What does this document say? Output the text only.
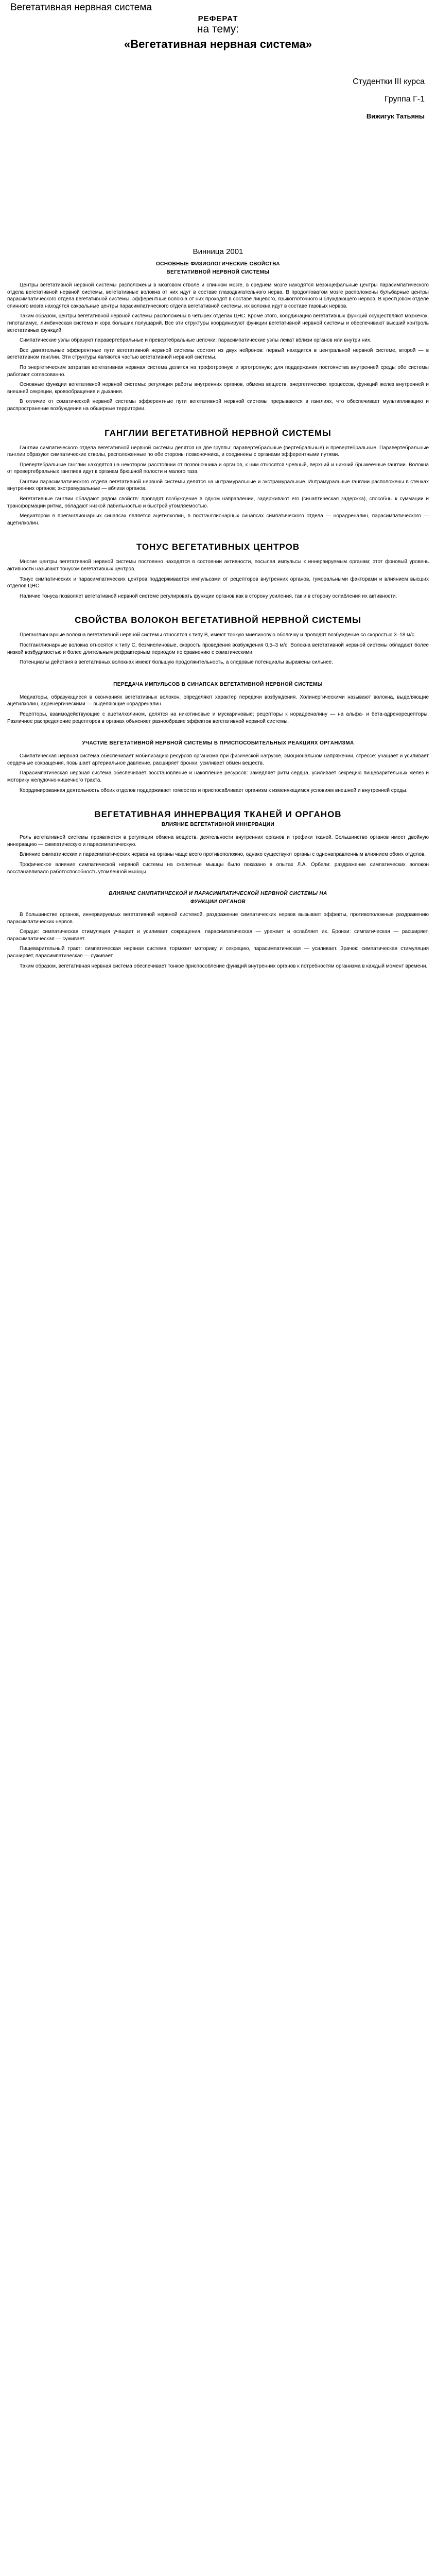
Вегетативная нервная система
РЕФЕРАТ
на тему:
«Вегетативная нервная система»
Студентки III курса
Группа Г-1
Вижигук Татьяны
Винница 2001
ОСНОВНЫЕ ФИЗИОЛОГИЧЕСКИЕ СВОЙСТВА
ВЕГЕТАТИВНОЙ НЕРВНОЙ СИСТЕМЫ

Центры вегетативной нервной системы расположены в мозговом стволе и спинном мозге, в среднем мозге находятся мезэнцефальные центры парасимпатического отдела вегетативной нервной системы, вегетативные волокна от них идут в составе глазодвигательного нерва. В продолговатом мозге расположены бульбарные центры парасимпатического отдела вегетативной системы, эфферентные волокна от них проходят в составе лицевого, языкоглоточного и блуждающего нервов. В крестцовом отделе спинного мозга находятся сакральные центры парасимпатического отдела вегетативной системы, их волокна идут в составе тазовых нервов.

Таким образом, центры вегетативной нервной системы расположены в четырех отделах ЦНС. Кроме этого, координацию вегетативных функций осуществляют мозжечок, гипоталамус, лимбическая система и кора больших полушарий. Все эти структуры координируют функции вегетативной нервной системы и обеспечивают высший контроль вегетативных функций.

Симпатические узлы образуют паравертебральные и превертебральные цепочки; парасимпатические узлы лежат вблизи органов или внутри них.

Все двигательные эфферентные пути вегетативной нервной системы состоят из двух нейронов: первый находится в центральной нервной системе, второй — в вегетативном ганглии. Эти структуры являются частью вегетативной нервной системы.

По энергетическим затратам вегетативная нервная система делится на трофотропную и эрготропную; для поддержания постоянства внутренней среды обе системы работают согласованно.

Основные функции вегетативной нервной системы: регуляция работы внутренних органов, обмена веществ, энергетических процессов, функций желез внутренней и внешней секреции, кровообращения и дыхания.

В отличие от соматической нервной системы эфферентные пути вегетативной нервной системы прерываются в ганглиях, что обеспечивает мультипликацию и распространение возбуждения на обширные территории.

ГАНГЛИИ ВЕГЕТАТИВНОЙ НЕРВНОЙ СИСТЕМЫ

Ганглии симпатического отдела вегетативной нервной системы делятся на две группы: паравертебральные (вертебральные) и превертебральные. Паравертебральные ганглии образуют симпатические стволы, расположенные по обе стороны позвоночника, и соединены с органами эфферентными путями.

Превертебральные ганглии находятся на некотором расстоянии от позвоночника и органов, к ним относятся чревный, верхний и нижний брыжеечные ганглии. Волокна от превертебральных ганглиев идут к органам брюшной полости и малого таза.

Ганглии парасимпатического отдела вегетативной нервной системы делятся на интрамуральные и экстрамуральные. Интрамуральные ганглии расположены в стенках внутренних органов; экстрамуральные — вблизи органов.

Вегетативные ганглии обладают рядом свойств: проводят возбуждение в одном направлении, задерживают его (синаптическая задержка), способны к суммации и трансформации ритма, обладают низкой лабильностью и быстрой утомляемостью.

Медиатором в преганглионарных синапсах является ацетилхолин, в постганглионарных синапсах симпатического отдела — норадреналин, парасимпатического — ацетилхолин.

ТОНУС ВЕГЕТАТИВНЫХ ЦЕНТРОВ

Многие центры вегетативной нервной системы постоянно находятся в состоянии активности, посылая импульсы к иннервируемым органам; этот фоновый уровень активности называют тонусом вегетативных центров.

Тонус симпатических и парасимпатических центров поддерживается импульсами от рецепторов внутренних органов, гуморальными факторами и влиянием высших отделов ЦНС.

Наличие тонуса позволяет вегетативной нервной системе регулировать функции органов как в сторону усиления, так и в сторону ослабления их активности.

СВОЙСТВА ВОЛОКОН ВЕГЕТАТИВНОЙ НЕРВНОЙ СИСТЕМЫ

Преганглионарные волокна вегетативной нервной системы относятся к типу B, имеют тонкую миелиновую оболочку и проводят возбуждение со скоростью 3–18 м/с.

Постганглионарные волокна относятся к типу C, безмиелиновые, скорость проведения возбуждения 0,5–3 м/с. Волокна вегетативной нервной системы обладают более низкой возбудимостью и более длительным рефрактерным периодом по сравнению с соматическими.

Потенциалы действия в вегетативных волокнах имеют большую продолжительность, а следовые потенциалы выражены сильнее.

ПЕРЕДАЧА ИМПУЛЬСОВ В СИНАПСАХ ВЕГЕТАТИВНОЙ НЕРВНОЙ СИСТЕМЫ

Медиаторы, образующиеся в окончаниях вегетативных волокон, определяют характер передачи возбуждения. Холинергическими называют волокна, выделяющие ацетилхолин, адренергическими — выделяющие норадреналин.

Рецепторы, взаимодействующие с ацетилхолином, делятся на никотиновые и мускариновые; рецепторы к норадреналину — на альфа- и бета-адренорецепторы. Различное распределение рецепторов в органах объясняет разнообразие эффектов вегетативной нервной системы.

УЧАСТИЕ ВЕГЕТАТИВНОЙ НЕРВНОЙ СИСТЕМЫ В ПРИСПОСОБИТЕЛЬНЫХ РЕАКЦИЯХ ОРГАНИЗМА

Симпатическая нервная система обеспечивает мобилизацию ресурсов организма при физической нагрузке, эмоциональном напряжении, стрессе: учащает и усиливает сердечные сокращения, повышает артериальное давление, расширяет бронхи, усиливает обмен веществ.

Парасимпатическая нервная система обеспечивает восстановление и накопление ресурсов: замедляет ритм сердца, усиливает секрецию пищеварительных желез и моторику желудочно-кишечного тракта.

Координированная деятельность обоих отделов поддерживает гомеостаз и приспосабливает организм к изменяющимся условиям внешней и внутренней среды.

ВЕГЕТАТИВНАЯ ИННЕРВАЦИЯ ТКАНЕЙ И ОРГАНОВ
ВЛИЯНИЕ ВЕГЕТАТИВНОЙ ИННЕРВАЦИИ

Роль вегетативной системы проявляется в регуляции обмена веществ, деятельности внутренних органов и трофики тканей. Большинство органов имеет двойную иннервацию — симпатическую и парасимпатическую.

Влияние симпатических и парасимпатических нервов на органы чаще всего противоположно, однако существуют органы с однонаправленным влиянием обоих отделов.

Трофическое влияние симпатической нервной системы на скелетные мышцы было показано в опытах Л.А. Орбели: раздражение симпатических волокон восстанавливало работоспособность утомленной мышцы.

ВЛИЯНИЕ СИМПАТИЧЕСКОЙ И ПАРАСИМПАТИЧЕСКОЙ НЕРВНОЙ СИСТЕМЫ НА
ФУНКЦИИ ОРГАНОВ

В большинстве органов, иннервируемых вегетативной нервной системой, раздражение симпатических нервов вызывает эффекты, противоположные раздражению парасимпатических нервов.

Сердце: симпатическая стимуляция учащает и усиливает сокращения, парасимпатическая — урежает и ослабляет их. Бронхи: симпатическая — расширяет, парасимпатическая — суживает.

Пищеварительный тракт: симпатическая нервная система тормозит моторику и секрецию, парасимпатическая — усиливает. Зрачок: симпатическая стимуляция расширяет, парасимпатическая — суживает.

Таким образом, вегетативная нервная система обеспечивает тонкое приспособление функций внутренних органов к потребностям организма в каждый момент времени.
